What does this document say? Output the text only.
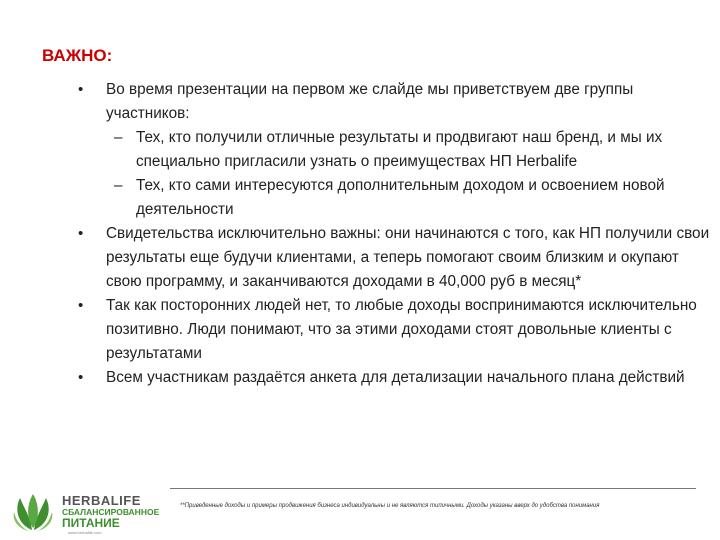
ВАЖНО:
• Во время презентации на первом же слайде мы приветствуем две группы участников:
– Тех, кто получили отличные результаты и продвигают наш бренд, и мы их специально пригласили узнать о преимуществах НП Herbalife
– Тех, кто сами интересуются дополнительным доходом и освоением новой деятельности
• Свидетельства исключительно важны: они начинаются с того, как НП получили свои результаты еще будучи клиентами, а теперь помогают своим близким и окупают свою программу, и заканчиваются доходами в 40,000 руб в месяц*
• Так как посторонних людей нет, то любые доходы воспринимаются исключительно позитивно. Люди понимают, что за этими доходами стоят довольные клиенты с результатами
• Всем участникам раздаётся анкета для детализации начального плана действий
HERBALIFE
СБАЛАНСИРОВАННОЕ
ПИТАНИЕ
www.herbalife.com
**Приведенные доходы и примеры продвижения бизнеса индивидуальны и не являются типичными. Доходы указаны вверх до удобства понимания
